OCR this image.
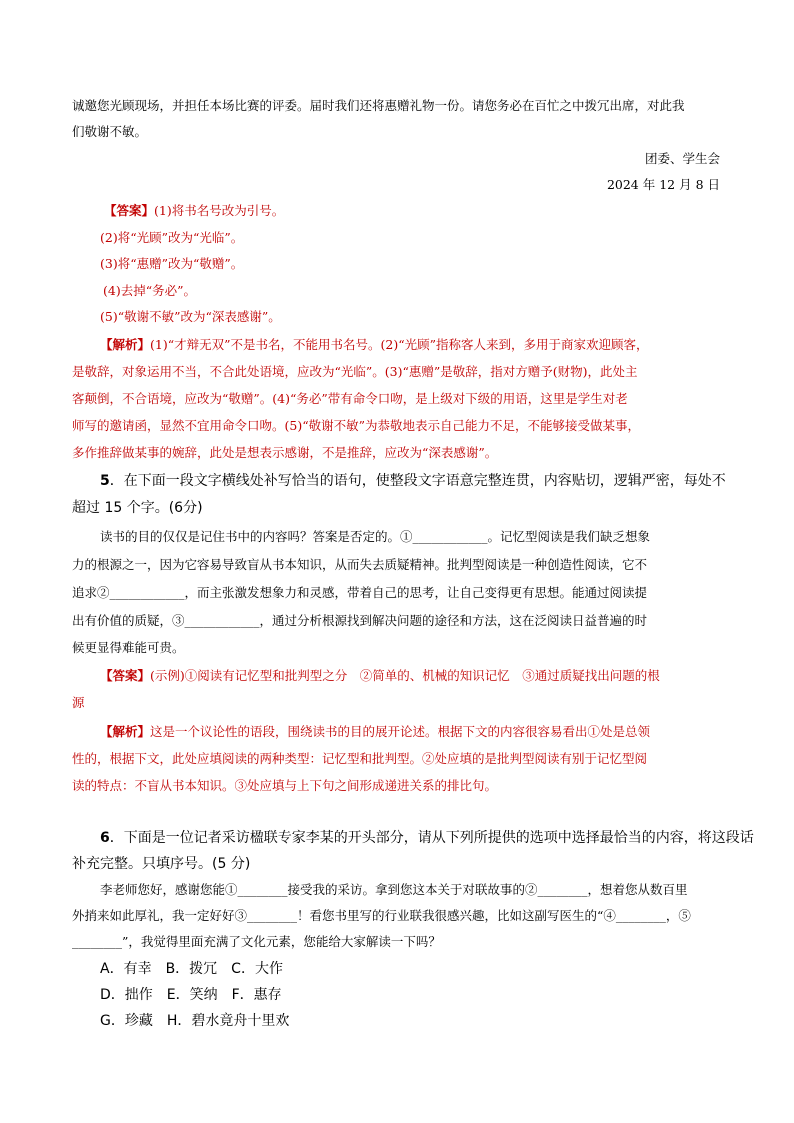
诚邀您光顾现场，并担任本场比赛的评委。届时我们还将惠赠礼物一份。请您务必在百忙之中拨冗出席，对此我
们敬谢不敏。
团委、学生会
2024 年 12 月 8 日
【答案】(1)将书名号改为引号。
(2)将“光顾”改为“光临”。
(3)将“惠赠”改为“敬赠”。
(4)去掉“务必”。
(5)“敬谢不敏”改为“深表感谢”。
【解析】(1)“才辩无双”不是书名，不能用书名号。(2)“光顾”指称客人来到，多用于商家欢迎顾客，
是敬辞，对象运用不当，不合此处语境，应改为“光临”。(3)“惠赠”是敬辞，指对方赠予(财物)，此处主
客颠倒，不合语境，应改为“敬赠”。(4)“务必”带有命令口吻，是上级对下级的用语，这里是学生对老
师写的邀请函，显然不宜用命令口吻。(5)“敬谢不敏”为恭敬地表示自己能力不足，不能够接受做某事，
多作推辞做某事的婉辞，此处是想表示感谢，不是推辞，应改为“深表感谢”。
5．在下面一段文字横线处补写恰当的语句，使整段文字语意完整连贯，内容贴切，逻辑严密，每处不
超过 15 个字。(6分)
读书的目的仅仅是记住书中的内容吗？答案是否定的。①____________。记忆型阅读是我们缺乏想象
力的根源之一，因为它容易导致盲从书本知识，从而失去质疑精神。批判型阅读是一种创造性阅读，它不
追求②____________，而主张激发想象力和灵感，带着自己的思考，让自己变得更有思想。能通过阅读提
出有价值的质疑，③____________，通过分析根源找到解决问题的途径和方法，这在泛阅读日益普遍的时
候更显得难能可贵。
【答案】(示例)①阅读有记忆型和批判型之分　②简单的、机械的知识记忆　③通过质疑找出问题的根
源
【解析】这是一个议论性的语段，围绕读书的目的展开论述。根据下文的内容很容易看出①处是总领
性的，根据下文，此处应填阅读的两种类型：记忆型和批判型。②处应填的是批判型阅读有别于记忆型阅
读的特点：不盲从书本知识。③处应填与上下句之间形成递进关系的排比句。
6．下面是一位记者采访楹联专家李某的开头部分，请从下列所提供的选项中选择最恰当的内容，将这段话
补充完整。只填序号。(5 分)
李老师您好，感谢您能①________接受我的采访。拿到您这本关于对联故事的②________，想着您从数百里
外捎来如此厚礼，我一定好好③________！看您书里写的行业联我很感兴趣，比如这副写医生的“④________，⑤
________”，我觉得里面充满了文化元素，您能给大家解读一下吗？
A．有幸　B．拨冗　C．大作
D．拙作　E．笑纳　F．惠存
G．珍藏　H．碧水竟舟十里欢
